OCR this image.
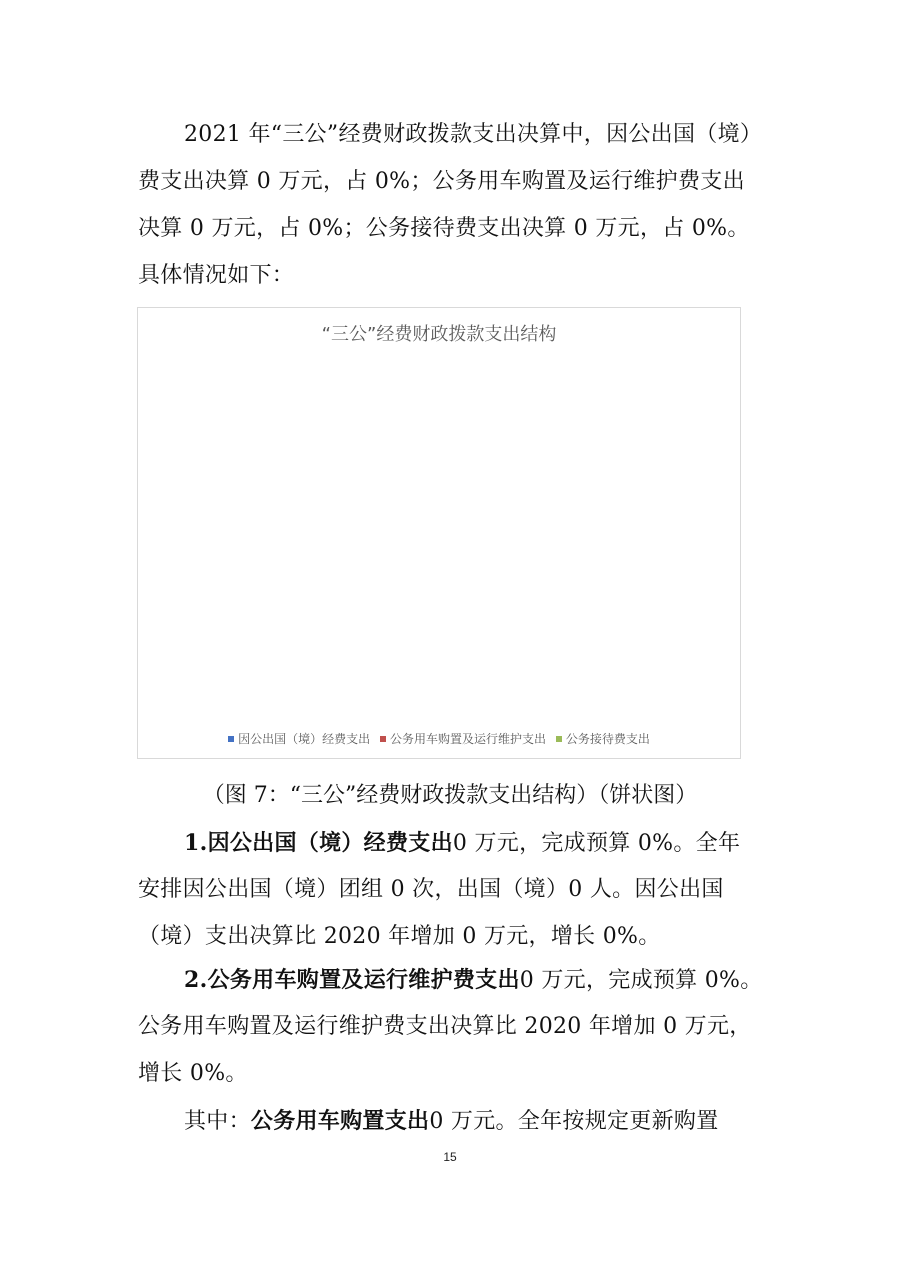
2021 年“三公”经费财政拨款支出决算中，因公出国（境）
费支出决算 0 万元，占 0%；公务用车购置及运行维护费支出
决算 0 万元，占 0%；公务接待费支出决算 0 万元，占 0%。
具体情况如下：
“三公”经费财政拨款支出结构
因公出国（境）经费支出 公务用车购置及运行维护支出 公务接待费支出
（图 7：“三公”经费财政拨款支出结构）（饼状图）
1.因公出国（境）经费支出0 万元，完成预算 0%。全年
安排因公出国（境）团组 0 次，出国（境）0 人。因公出国
（境）支出决算比 2020 年增加 0 万元，增长 0%。
2.公务用车购置及运行维护费支出0 万元，完成预算 0%。
公务用车购置及运行维护费支出决算比 2020 年增加 0 万元，
增长 0%。
其中：公务用车购置支出0 万元。全年按规定更新购置
15
